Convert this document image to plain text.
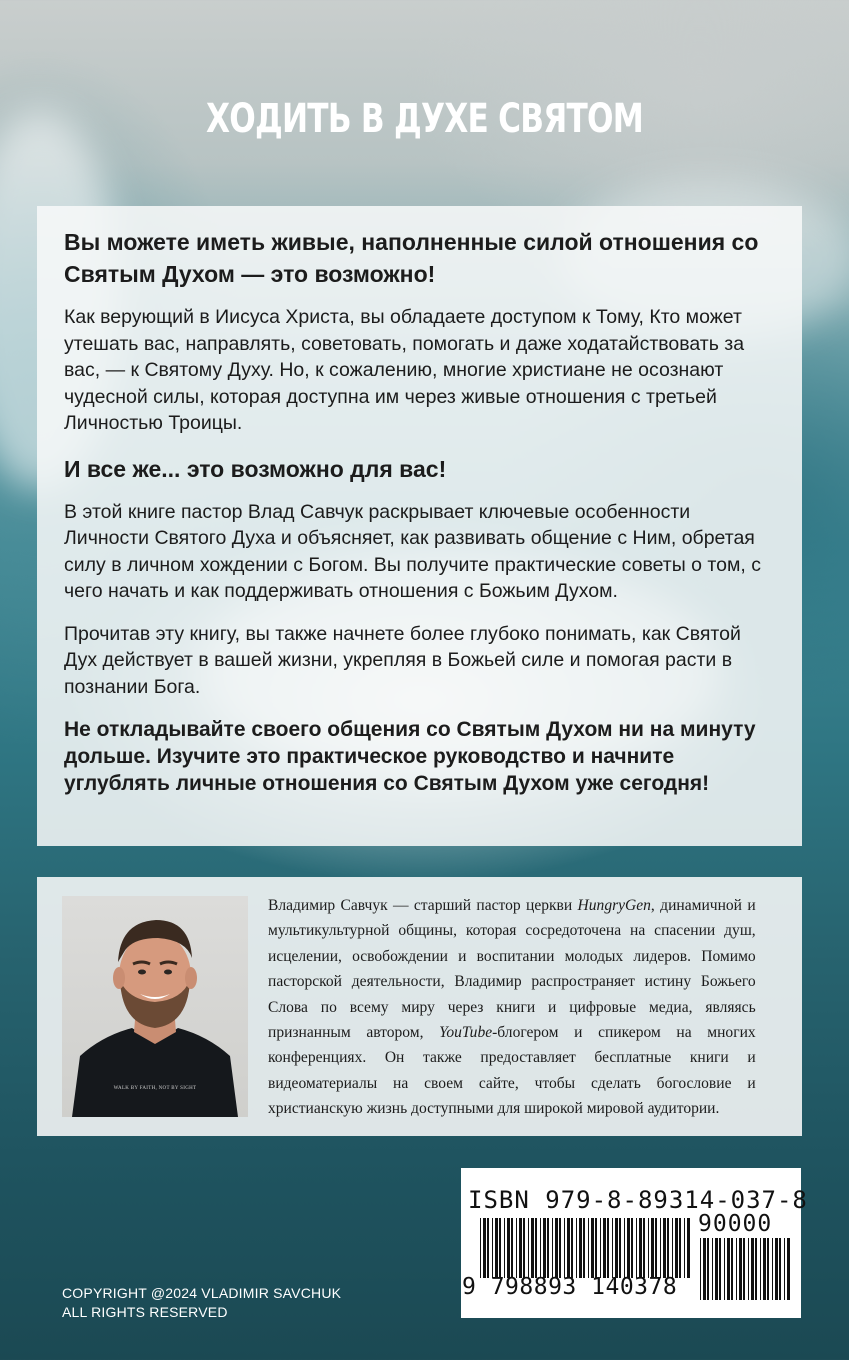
ХОДИТЬ В ДУХЕ СВЯТОМ

Вы можете иметь живые, наполненные силой отношения со Святым Духом — это возможно!

Как верующий в Иисуса Христа, вы обладаете доступом к Тому, Кто может утешать вас, направлять, советовать, помогать и даже ходатайствовать за вас, — к Святому Духу. Но, к сожалению, многие христиане не осознают чудесной силы, которая доступна им через живые отношения с третьей Личностью Троицы.

И все же... это возможно для вас!

В этой книге пастор Влад Савчук раскрывает ключевые особенности Личности Святого Духа и объясняет, как развивать общение с Ним, обретая силу в личном хождении с Богом. Вы получите практические советы о том, с чего начать и как поддерживать отношения с Божьим Духом.

Прочитав эту книгу, вы также начнете более глубоко понимать, как Святой Дух действует в вашей жизни, укрепляя в Божьей силе и помогая расти в познании Бога.

Не откладывайте своего общения со Святым Духом ни на минуту дольше. Изучите это практическое руководство и начните углублять личные отношения со Святым Духом уже сегодня!

WALK BY FAITH, NOT BY SIGHT
Владимир Савчук — старший пастор церкви HungryGen, динамичной и мультикультурной общины, которая сосредоточена на спасении душ, исцелении, освобождении и воспитании молодых лидеров. Помимо пасторской деятельности, Владимир распространяет истину Божьего Слова по всему миру через книги и цифровые медиа, являясь признанным автором, YouTube-блогером и спикером на многих конференциях. Он также предоставляет бесплатные книги и видеоматериалы на своем сайте, чтобы сделать богословие и христианскую жизнь доступными для широкой мировой аудитории.
COPYRIGHT @2024 VLADIMIR SAVCHUK
ALL RIGHTS RESERVED
ISBN 979-8-89314-037-8
90000
9 798893 140378
